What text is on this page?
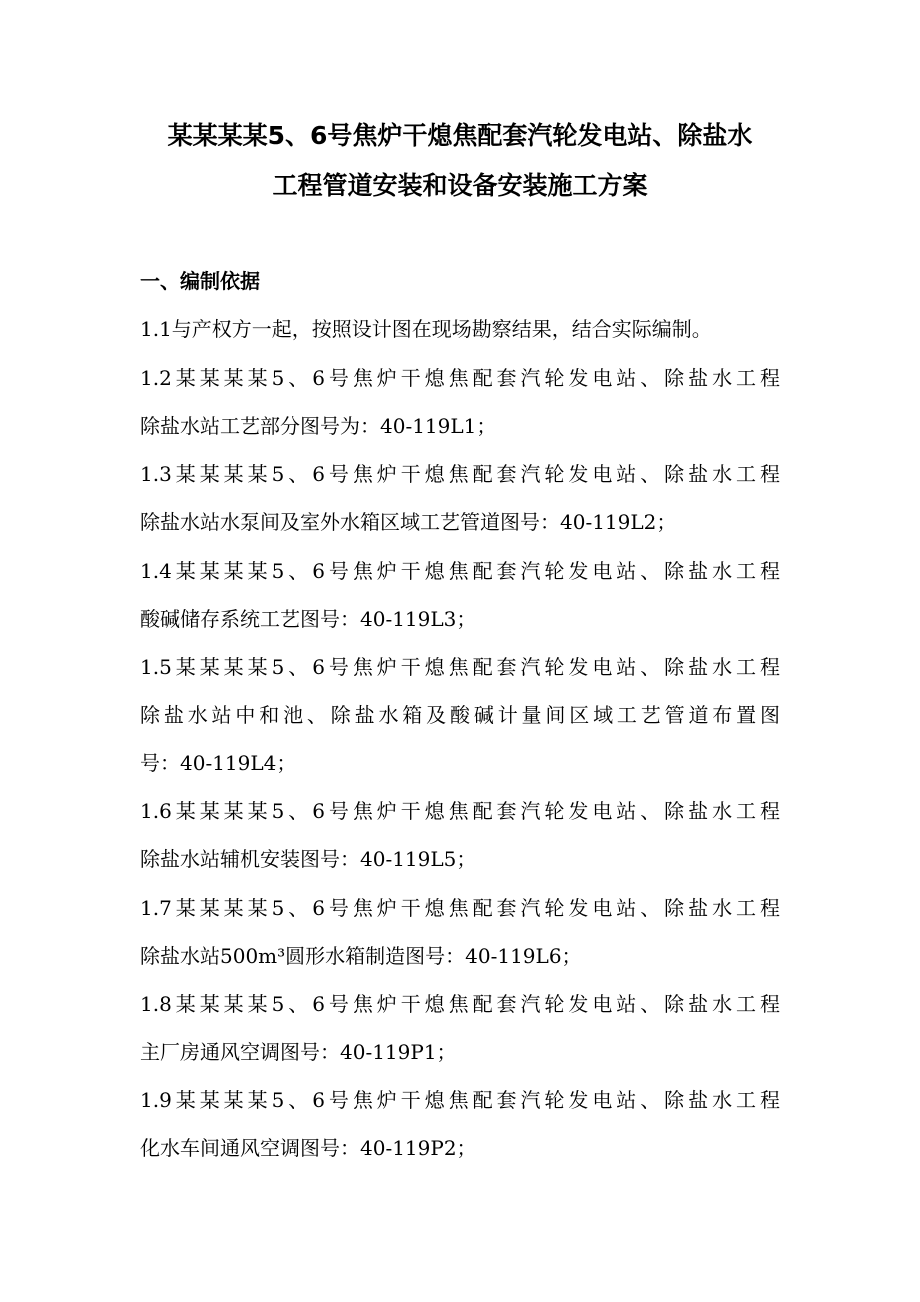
某某某某5、6号焦炉干熄焦配套汽轮发电站、除盐水
工程管道安装和设备安装施工方案
一、编制依据
1.1与产权方一起，按照设计图在现场勘察结果，结合实际编制。
1.2某某某某5、6号焦炉干熄焦配套汽轮发电站、除盐水工程
除盐水站工艺部分图号为：40-119L1；
1.3某某某某5、6号焦炉干熄焦配套汽轮发电站、除盐水工程
除盐水站水泵间及室外水箱区域工艺管道图号：40-119L2；
1.4某某某某5、6号焦炉干熄焦配套汽轮发电站、除盐水工程
酸碱储存系统工艺图号：40-119L3；
1.5某某某某5、6号焦炉干熄焦配套汽轮发电站、除盐水工程
除盐水站中和池、除盐水箱及酸碱计量间区域工艺管道布置图
号：40-119L4；
1.6某某某某5、6号焦炉干熄焦配套汽轮发电站、除盐水工程
除盐水站辅机安装图号：40-119L5；
1.7某某某某5、6号焦炉干熄焦配套汽轮发电站、除盐水工程
除盐水站500m³圆形水箱制造图号：40-119L6；
1.8某某某某5、6号焦炉干熄焦配套汽轮发电站、除盐水工程
主厂房通风空调图号：40-119P1；
1.9某某某某5、6号焦炉干熄焦配套汽轮发电站、除盐水工程
化水车间通风空调图号：40-119P2；
